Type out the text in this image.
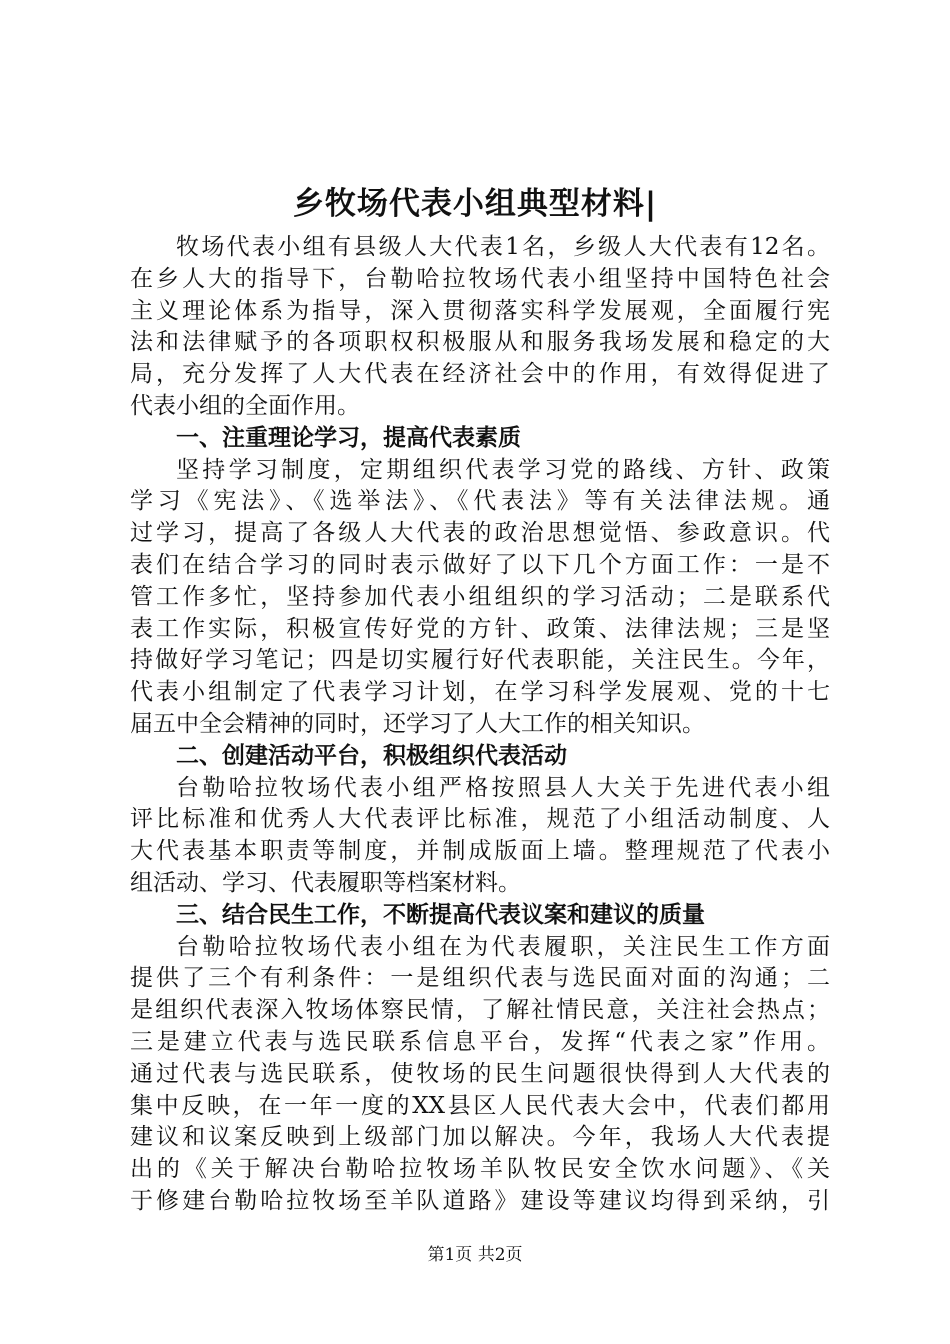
乡牧场代表小组典型材料|
牧场代表小组有县级人大代表1名，乡级人大代表有12名。
在乡人大的指导下，台勒哈拉牧场代表小组坚持中国特色社会
主义理论体系为指导，深入贯彻落实科学发展观，全面履行宪
法和法律赋予的各项职权积极服从和服务我场发展和稳定的大
局，充分发挥了人大代表在经济社会中的作用，有效得促进了
代表小组的全面作用。
一、注重理论学习，提高代表素质
坚持学习制度，定期组织代表学习党的路线、方针、政策
学习《宪法》、《选举法》、《代表法》等有关法律法规。通
过学习，提高了各级人大代表的政治思想觉悟、参政意识。代
表们在结合学习的同时表示做好了以下几个方面工作：一是不
管工作多忙，坚持参加代表小组组织的学习活动；二是联系代
表工作实际，积极宣传好党的方针、政策、法律法规；三是坚
持做好学习笔记；四是切实履行好代表职能，关注民生。今年，
代表小组制定了代表学习计划，在学习科学发展观、党的十七
届五中全会精神的同时，还学习了人大工作的相关知识。
二、创建活动平台，积极组织代表活动
台勒哈拉牧场代表小组严格按照县人大关于先进代表小组
评比标准和优秀人大代表评比标准，规范了小组活动制度、人
大代表基本职责等制度，并制成版面上墙。整理规范了代表小
组活动、学习、代表履职等档案材料。
三、结合民生工作，不断提高代表议案和建议的质量
台勒哈拉牧场代表小组在为代表履职，关注民生工作方面
提供了三个有利条件：一是组织代表与选民面对面的沟通；二
是组织代表深入牧场体察民情，了解社情民意，关注社会热点；
三是建立代表与选民联系信息平台，发挥“代表之家”作用。
通过代表与选民联系，使牧场的民生问题很快得到人大代表的
集中反映，在一年一度的XX县区人民代表大会中，代表们都用
建议和议案反映到上级部门加以解决。今年，我场人大代表提
出的《关于解决台勒哈拉牧场羊队牧民安全饮水问题》、《关
于修建台勒哈拉牧场至羊队道路》建设等建议均得到采纳，引
第1页 共2页
